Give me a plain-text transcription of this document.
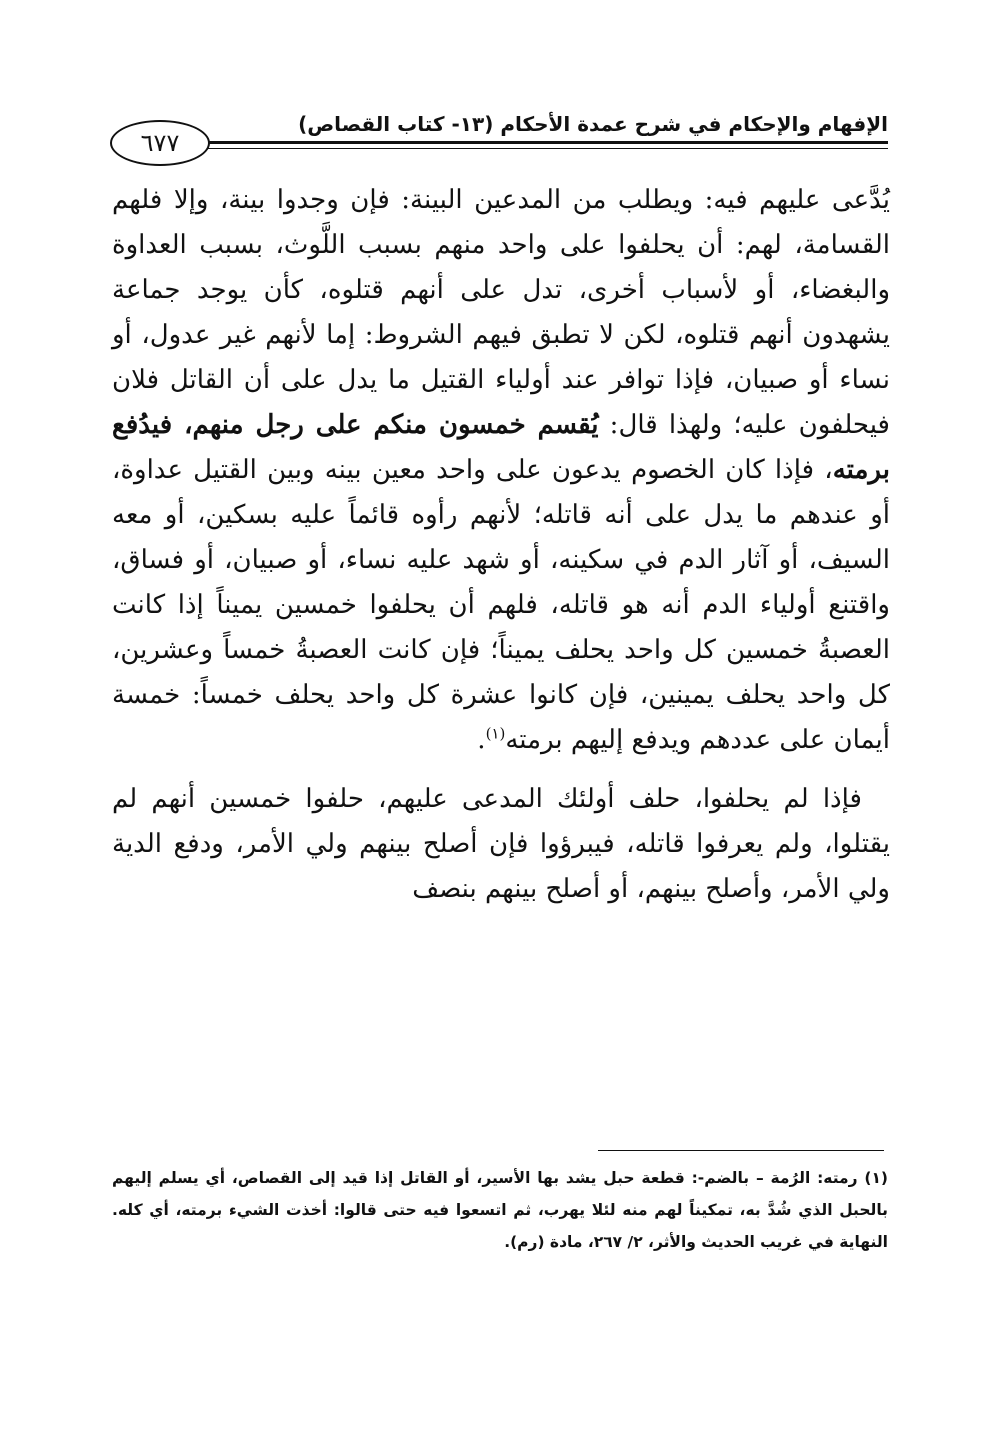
الإفهام والإحكام في شرح عمدة الأحكام (١٣- كتاب القصاص)
٦٧٧

يُدَّعى عليهم فيه: ويطلب من المدعين البينة: فإن وجدوا بينة، وإلا فلهم القسامة، لهم: أن يحلفوا على واحد منهم بسبب اللَّوث، بسبب العداوة والبغضاء، أو لأسباب أخرى، تدل على أنهم قتلوه، كأن يوجد جماعة يشهدون أنهم قتلوه، لكن لا تطبق فيهم الشروط: إما لأنهم غير عدول، أو نساء أو صبيان، فإذا توافر عند أولياء القتيل ما يدل على أن القاتل فلان فيحلفون عليه؛ ولهذا قال: يُقسم خمسون منكم على رجل منهم، فيدُفع برمته، فإذا كان الخصوم يدعون على واحد معين بينه وبين القتيل عداوة، أو عندهم ما يدل على أنه قاتله؛ لأنهم رأوه قائماً عليه بسكين، أو معه السيف، أو آثار الدم في سكينه، أو شهد عليه نساء، أو صبيان، أو فساق، واقتنع أولياء الدم أنه هو قاتله، فلهم أن يحلفوا خمسين يميناً إذا كانت العصبةُ خمسين كل واحد يحلف يميناً؛ فإن كانت العصبةُ خمساً وعشرين، كل واحد يحلف يمينين، فإن كانوا عشرة كل واحد يحلف خمساً: خمسة أيمان على عددهم ويدفع إليهم برمته$^{(١)}$.

فإذا لم يحلفوا، حلف أولئك المدعى عليهم، حلفوا خمسين أنهم لم يقتلوا، ولم يعرفوا قاتله، فيبرؤوا فإن أصلح بينهم ولي الأمر، ودفع الدية ولي الأمر، وأصلح بينهم، أو أصلح بينهم بنصف

(١) رمته: الرُمة – بالضم-: قطعة حبل يشد بها الأسير، أو القاتل إذا قيد إلى القصاص، أي يسلم إليهم بالحبل الذي شُدَّ به، تمكيناً لهم منه لئلا يهرب، ثم اتسعوا فيه حتى قالوا: أخذت الشيء برمته، أي كله. النهاية في غريب الحديث والأثر، ٢/ ٢٦٧، مادة (رم).
